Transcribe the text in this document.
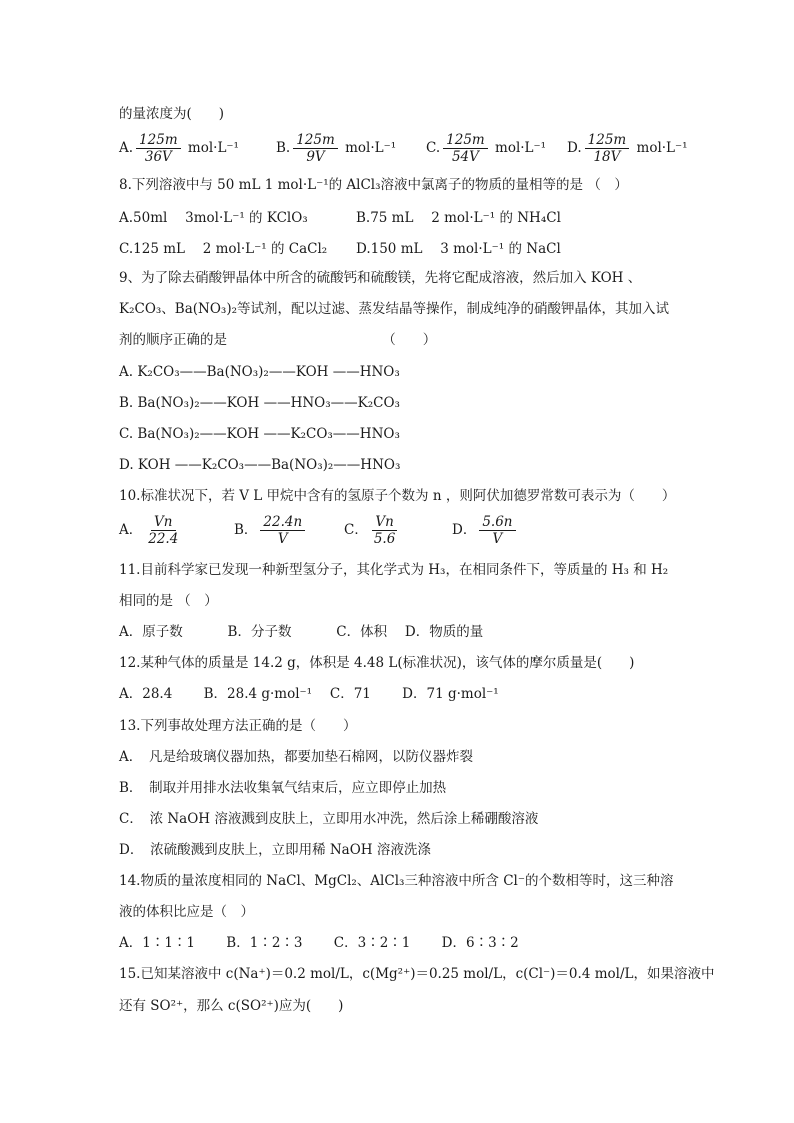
的量浓度为(　　)
A. $\frac{125m}{36V} mol\cdot L^{-1}$	B. $\frac{125m}{9V} mol\cdot L^{-1}$ C. $\frac{125m}{54V} mol\cdot L^{-1}$ D. $\frac{125m}{18V} mol\cdot L^{-1}$
8.下列溶液中与 50 mL 1 mol·L⁻¹的 AlCl₃溶液中氯离子的物质的量相等的是 （　）
A.50ml　 3mol·L⁻¹ 的 KClO₃	B.75 mL　 2 mol·L⁻¹ 的 NH₄Cl
C.125 mL　 2 mol·L⁻¹ 的 CaCl₂ D.150 mL　 3 mol·L⁻¹ 的 NaCl
9、为了除去硝酸钾晶体中所含的硫酸钙和硫酸镁，先将它配成溶液，然后加入 KOH 、
K₂CO₃、Ba(NO₃)₂等试剂，配以过滤、蒸发结晶等操作，制成纯净的硝酸钾晶体，其加入试
剂的顺序正确的是　　　　　　　　　　　　（　　）
A. K₂CO₃——Ba(NO₃)₂——KOH ——HNO₃
B. Ba(NO₃)₂——KOH ——HNO₃——K₂CO₃
C. Ba(NO₃)₂——KOH ——K₂CO₃——HNO₃
D. KOH ——K₂CO₃——Ba(NO₃)₂——HNO₃
10.标准状况下，若 V L 甲烷中含有的氢原子个数为 n ，则阿伏加德罗常数可表示为（　　）
A． $\frac{Vn}{22.4}$	B． $\frac{22.4n}{V}$	C． $\frac{Vn}{5.6}$	D． $\frac{5.6n}{V}$
11.目前科学家已发现一种新型氢分子，其化学式为 H₃，在相同条件下，等质量的 H₃ 和 H₂
相同的是 （　）
A．原子数　　　 B．分子数　　　 C．体积　 D．物质的量
12.某种气体的质量是 14.2 g，体积是 4.48 L(标准状况)，该气体的摩尔质量是(　　)
A．28.4　　 B．28.4 g·mol⁻¹　 C．71　　 D．71 g·mol⁻¹
13.下列事故处理方法正确的是（　　）
A．　凡是给玻璃仪器加热，都要加垫石棉网，以防仪器炸裂
B．　制取并用排水法收集氧气结束后，应立即停止加热
C．　浓 NaOH 溶液溅到皮肤上，立即用水冲洗，然后涂上稀硼酸溶液
D．　浓硫酸溅到皮肤上，立即用稀 NaOH 溶液洗涤
14.物质的量浓度相同的 NaCl、MgCl₂、AlCl₃三种溶液中所含 Cl⁻的个数相等时，这三种溶
液的体积比应是（　）
A．1∶1∶1　　 B．1∶2∶3　　 C．3∶2∶1　　 D．6∶3∶2
15.已知某溶液中 c(Na⁺)＝0.2 mol/L，c(Mg²⁺)＝0.25 mol/L，c(Cl⁻)＝0.4 mol/L，如果溶液中
还有 SO²⁺，那么 c(SO²⁺)应为(　　)
